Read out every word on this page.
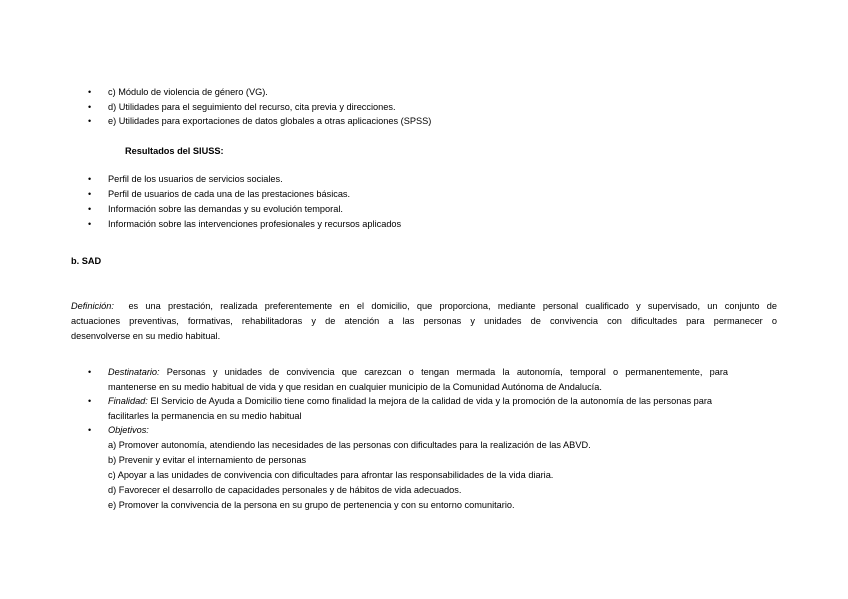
• c) Módulo de violencia de género (VG).
• d) Utilidades para el seguimiento del recurso, cita previa y direcciones.
• e) Utilidades para exportaciones de datos globales a otras aplicaciones (SPSS)
Resultados del SIUSS:
• Perfil de los usuarios de servicios sociales.
• Perfil de usuarios de cada una de las prestaciones básicas.
• Información sobre las demandas y su evolución temporal.
• Información sobre las intervenciones profesionales y recursos aplicados
b. SAD
Definición: es una prestación, realizada preferentemente en el domicilio, que proporciona, mediante personal cualificado y supervisado, un conjunto de
actuaciones preventivas, formativas, rehabilitadoras y de atención a las personas y unidades de convivencia con dificultades para permanecer o
desenvolverse en su medio habitual.
• Destinatario: Personas y unidades de convivencia que carezcan o tengan mermada la autonomía, temporal o permanentemente, para
mantenerse en su medio habitual de vida y que residan en cualquier municipio de la Comunidad Autónoma de Andalucía.
• Finalidad: El Servicio de Ayuda a Domicilio tiene como finalidad la mejora de la calidad de vida y la promoción de la autonomía de las personas para
facilitarles la permanencia en su medio habitual
• Objetivos:
a) Promover autonomía, atendiendo las necesidades de las personas con dificultades para la realización de las ABVD.
b) Prevenir y evitar el internamiento de personas
c) Apoyar a las unidades de convivencia con dificultades para afrontar las responsabilidades de la vida diaria.
d) Favorecer el desarrollo de capacidades personales y de hábitos de vida adecuados.
e) Promover la convivencia de la persona en su grupo de pertenencia y con su entorno comunitario.
